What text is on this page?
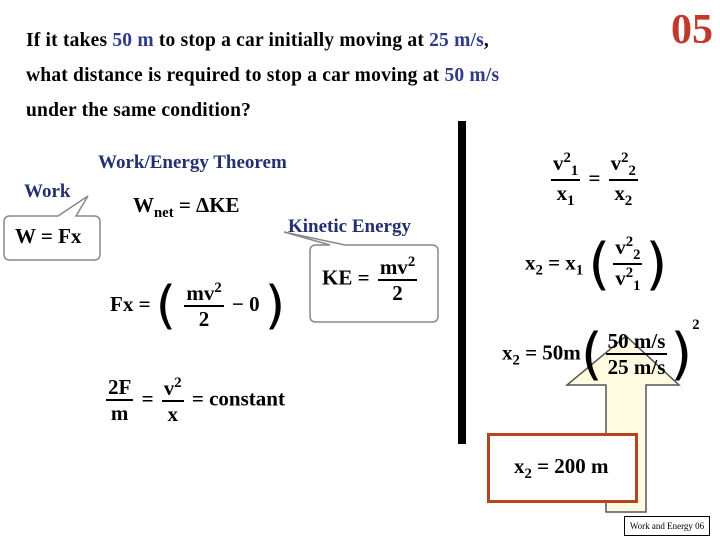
If it takes 50 m to stop a car initially moving at 25 m/s,
what distance is required to stop a car moving at 50 m/s
under the same condition?
05
Work/Energy Theorem
Work
Kinetic Energy
W = Fx
$W_{net} = \Delta KE$
KE = $\frac{mv^2}{2}$
Fx = ( $\frac{mv^2}{2} - 0$ )
$\frac{2F}{m} = \frac{v^2}{x}$ = constant
$\frac{v^2_1}{x_1} = \frac{v^2_2}{x_2}$
$x_2 = x_1$ ( $\frac{v^2_2}{v^2_1}$ )
$x_2 = 50m( \frac{50 m/s}{25 m/s} )^2$
$x_2 = 200$ m
Work and Energy 06
